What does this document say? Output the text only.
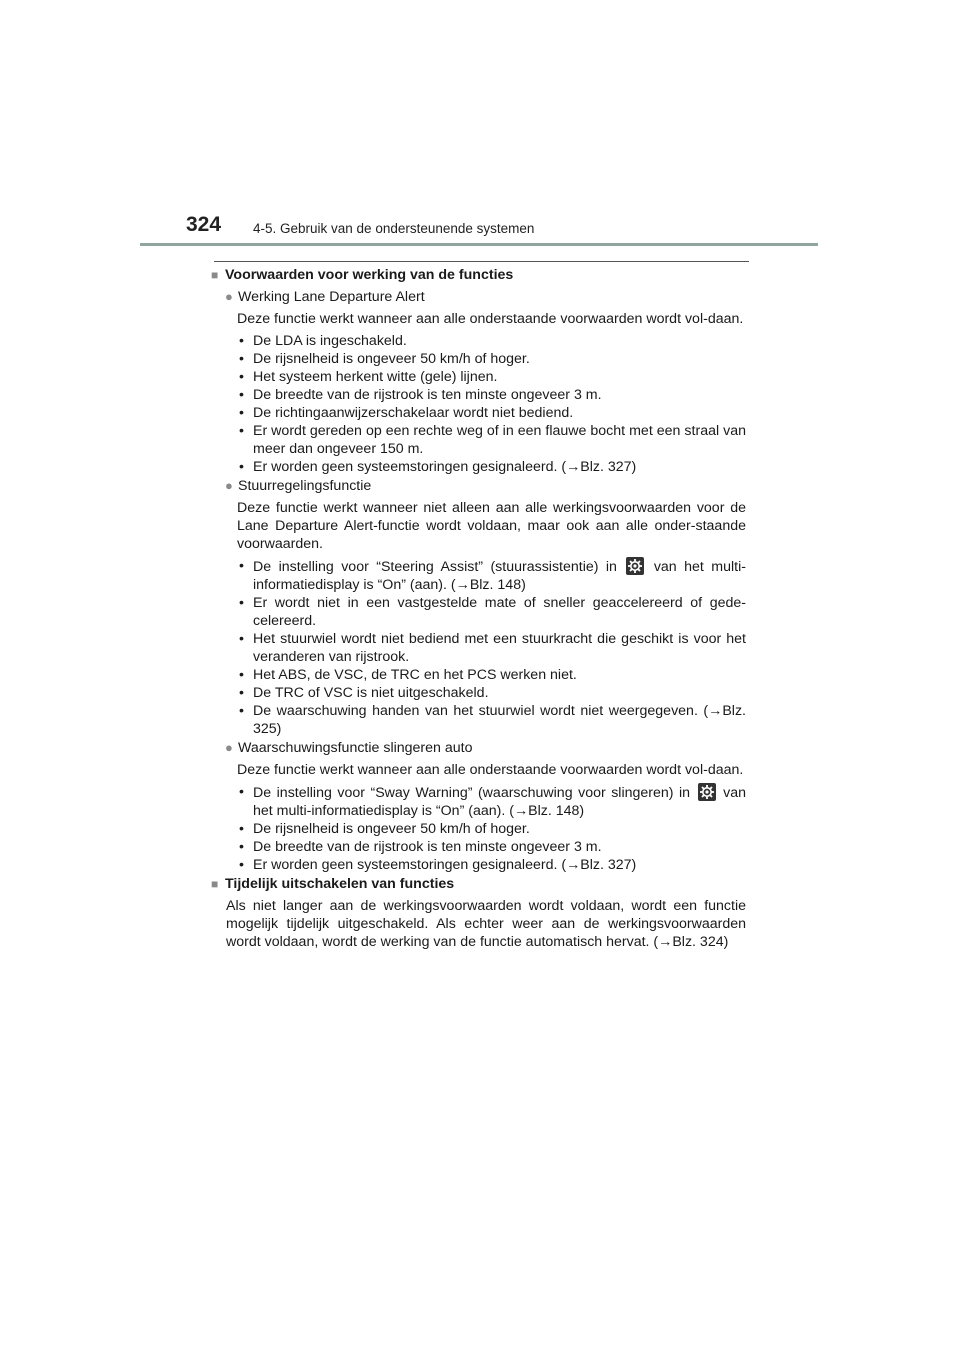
324 4-5. Gebruik van de ondersteunende systemen
■ Voorwaarden voor werking van de functies
● Werking Lane Departure Alert
Deze functie werkt wanneer aan alle onderstaande voorwaarden wordt vol-daan.
• De LDA is ingeschakeld.
• De rijsnelheid is ongeveer 50 km/h of hoger.
• Het systeem herkent witte (gele) lijnen.
• De breedte van de rijstrook is ten minste ongeveer 3 m.
• De richtingaanwijzerschakelaar wordt niet bediend.
• Er wordt gereden op een rechte weg of in een flauwe bocht met een straal van meer dan ongeveer 150 m.
• Er worden geen systeemstoringen gesignaleerd. (→Blz. 327)
● Stuurregelingsfunctie
Deze functie werkt wanneer niet alleen aan alle werkingsvoorwaarden voor de Lane Departure Alert-functie wordt voldaan, maar ook aan alle onder-staande voorwaarden.
• De instelling voor “Steering Assist” (stuurassistentie) in	van het multi-informatiedisplay is “On” (aan). (→Blz. 148)
• Er wordt niet in een vastgestelde mate of sneller geaccelereerd of gede-celereerd.
• Het stuurwiel wordt niet bediend met een stuurkracht die geschikt is voor het veranderen van rijstrook.
• Het ABS, de VSC, de TRC en het PCS werken niet.
• De TRC of VSC is niet uitgeschakeld.
• De waarschuwing handen van het stuurwiel wordt niet weergegeven. (→Blz. 325)
● Waarschuwingsfunctie slingeren auto
Deze functie werkt wanneer aan alle onderstaande voorwaarden wordt vol-daan.
• De instelling voor “Sway Warning” (waarschuwing voor slingeren) in van het multi-informatiedisplay is “On” (aan). (→Blz. 148)
• De rijsnelheid is ongeveer 50 km/h of hoger.
• De breedte van de rijstrook is ten minste ongeveer 3 m.
• Er worden geen systeemstoringen gesignaleerd. (→Blz. 327)
■ Tijdelijk uitschakelen van functies
Als niet langer aan de werkingsvoorwaarden wordt voldaan, wordt een functie mogelijk tijdelijk uitgeschakeld. Als echter weer aan de werkingsvoorwaarden wordt voldaan, wordt de werking van de functie automatisch hervat. (→Blz. 324)
